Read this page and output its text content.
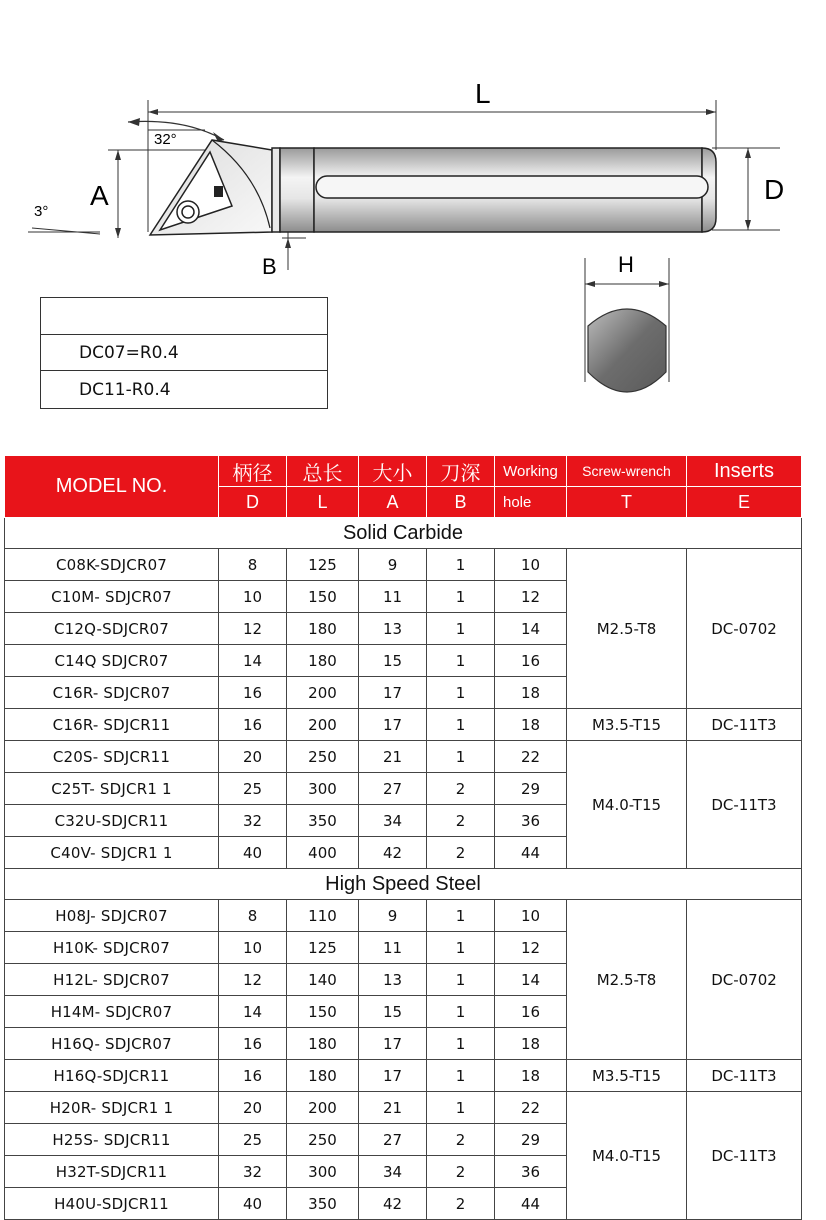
L
32°
A
3°
B
D
H
DC07=R0.4
DC11-R0.4
MODEL NO.	柄径	总长	大小	刀深	Working	Screw-wrench	Inserts
	D	L	A	B	hole	T	E
Solid Carbide							
C08K-SDJCR07	8	125	9	1	10	M2.5-T8	DC-0702
C10M- SDJCR07	10	150	11	1	12		
C12Q-SDJCR07	12	180	13	1	14		
C14Q SDJCR07	14	180	15	1	16		
C16R- SDJCR07	16	200	17	1	18		
C16R- SDJCR11	16	200	17	1	18	M3.5-T15	DC-11T3
C20S- SDJCR11	20	250	21	1	22	M4.0-T15	DC-11T3
C25T- SDJCR1 1	25	300	27	2	29		
C32U-SDJCR11	32	350	34	2	36		
C40V- SDJCR1 1	40	400	42	2	44		
High Speed Steel							
H08J- SDJCR07	8	110	9	1	10	M2.5-T8	DC-0702
H10K- SDJCR07	10	125	11	1	12		
H12L- SDJCR07	12	140	13	1	14		
H14M- SDJCR07	14	150	15	1	16		
H16Q- SDJCR07	16	180	17	1	18		
H16Q-SDJCR11	16	180	17	1	18	M3.5-T15	DC-11T3
H20R- SDJCR1 1	20	200	21	1	22	M4.0-T15	DC-11T3
H25S- SDJCR11	25	250	27	2	29		
H32T-SDJCR11	32	300	34	2	36		
H40U-SDJCR11	40	350	42	2	44		
